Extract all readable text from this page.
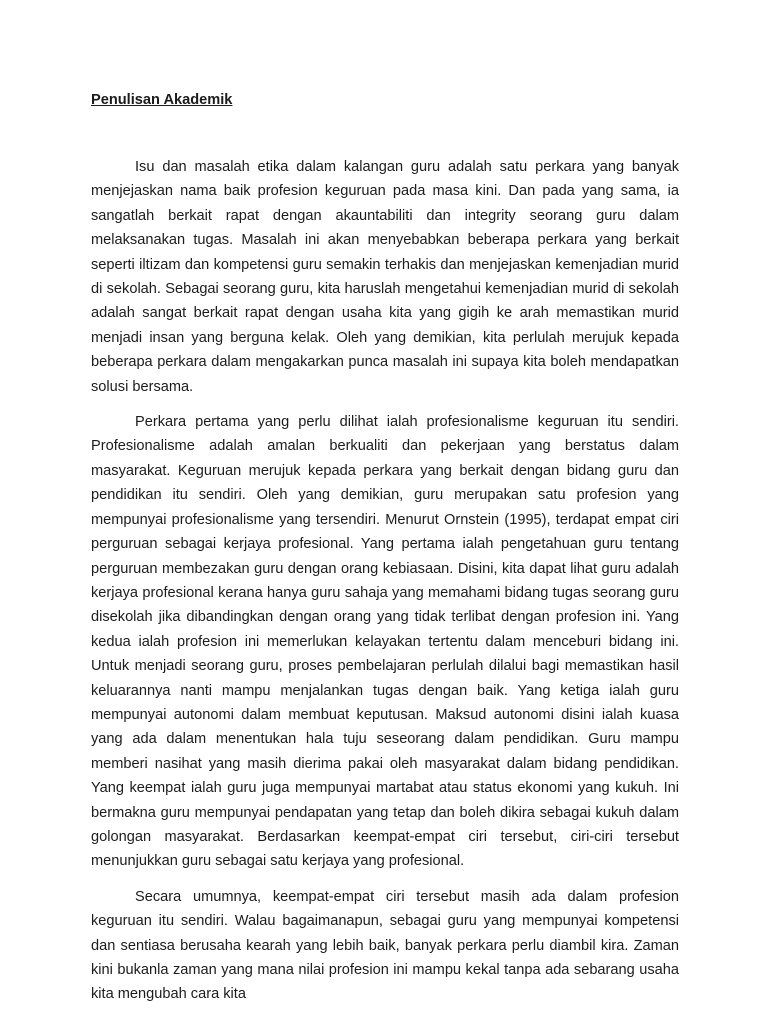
Penulisan Akademik

Isu dan masalah etika dalam kalangan guru adalah satu perkara yang banyak menjejaskan nama baik profesion keguruan pada masa kini. Dan pada yang sama, ia sangatlah berkait rapat dengan akauntabiliti dan integrity seorang guru dalam melaksanakan tugas. Masalah ini akan menyebabkan beberapa perkara yang berkait seperti iltizam dan kompetensi guru semakin terhakis dan menjejaskan kemenjadian murid di sekolah. Sebagai seorang guru, kita haruslah mengetahui kemenjadian murid di sekolah adalah sangat berkait rapat dengan usaha kita yang gigih ke arah memastikan murid menjadi insan yang berguna kelak. Oleh yang demikian, kita perlulah merujuk kepada beberapa perkara dalam mengakarkan punca masalah ini supaya kita boleh mendapatkan solusi bersama.

Perkara pertama yang perlu dilihat ialah profesionalisme keguruan itu sendiri. Profesionalisme adalah amalan berkualiti dan pekerjaan yang berstatus dalam masyarakat. Keguruan merujuk kepada perkara yang berkait dengan bidang guru dan pendidikan itu sendiri. Oleh yang demikian, guru merupakan satu profesion yang mempunyai profesionalisme yang tersendiri. Menurut Ornstein (1995), terdapat empat ciri perguruan sebagai kerjaya profesional. Yang pertama ialah pengetahuan guru tentang perguruan membezakan guru dengan orang kebiasaan. Disini, kita dapat lihat guru adalah kerjaya profesional kerana hanya guru sahaja yang memahami bidang tugas seorang guru disekolah jika dibandingkan dengan orang yang tidak terlibat dengan profesion ini. Yang kedua ialah profesion ini memerlukan kelayakan tertentu dalam menceburi bidang ini. Untuk menjadi seorang guru, proses pembelajaran perlulah dilalui bagi memastikan hasil keluarannya nanti mampu menjalankan tugas dengan baik. Yang ketiga ialah guru mempunyai autonomi dalam membuat keputusan. Maksud autonomi disini ialah kuasa yang ada dalam menentukan hala tuju seseorang dalam pendidikan. Guru mampu memberi nasihat yang masih dierima pakai oleh masyarakat dalam bidang pendidikan. Yang keempat ialah guru juga mempunyai martabat atau status ekonomi yang kukuh. Ini bermakna guru mempunyai pendapatan yang tetap dan boleh dikira sebagai kukuh dalam golongan masyarakat. Berdasarkan keempat-empat ciri tersebut, ciri-ciri tersebut menunjukkan guru sebagai satu kerjaya yang profesional.

Secara umumnya, keempat-empat ciri tersebut masih ada dalam profesion keguruan itu sendiri. Walau bagaimanapun, sebagai guru yang mempunyai kompetensi dan sentiasa berusaha kearah yang lebih baik, banyak perkara perlu diambil kira. Zaman kini bukanla zaman yang mana nilai profesion ini mampu kekal tanpa ada sebarang usaha kita mengubah cara kita
